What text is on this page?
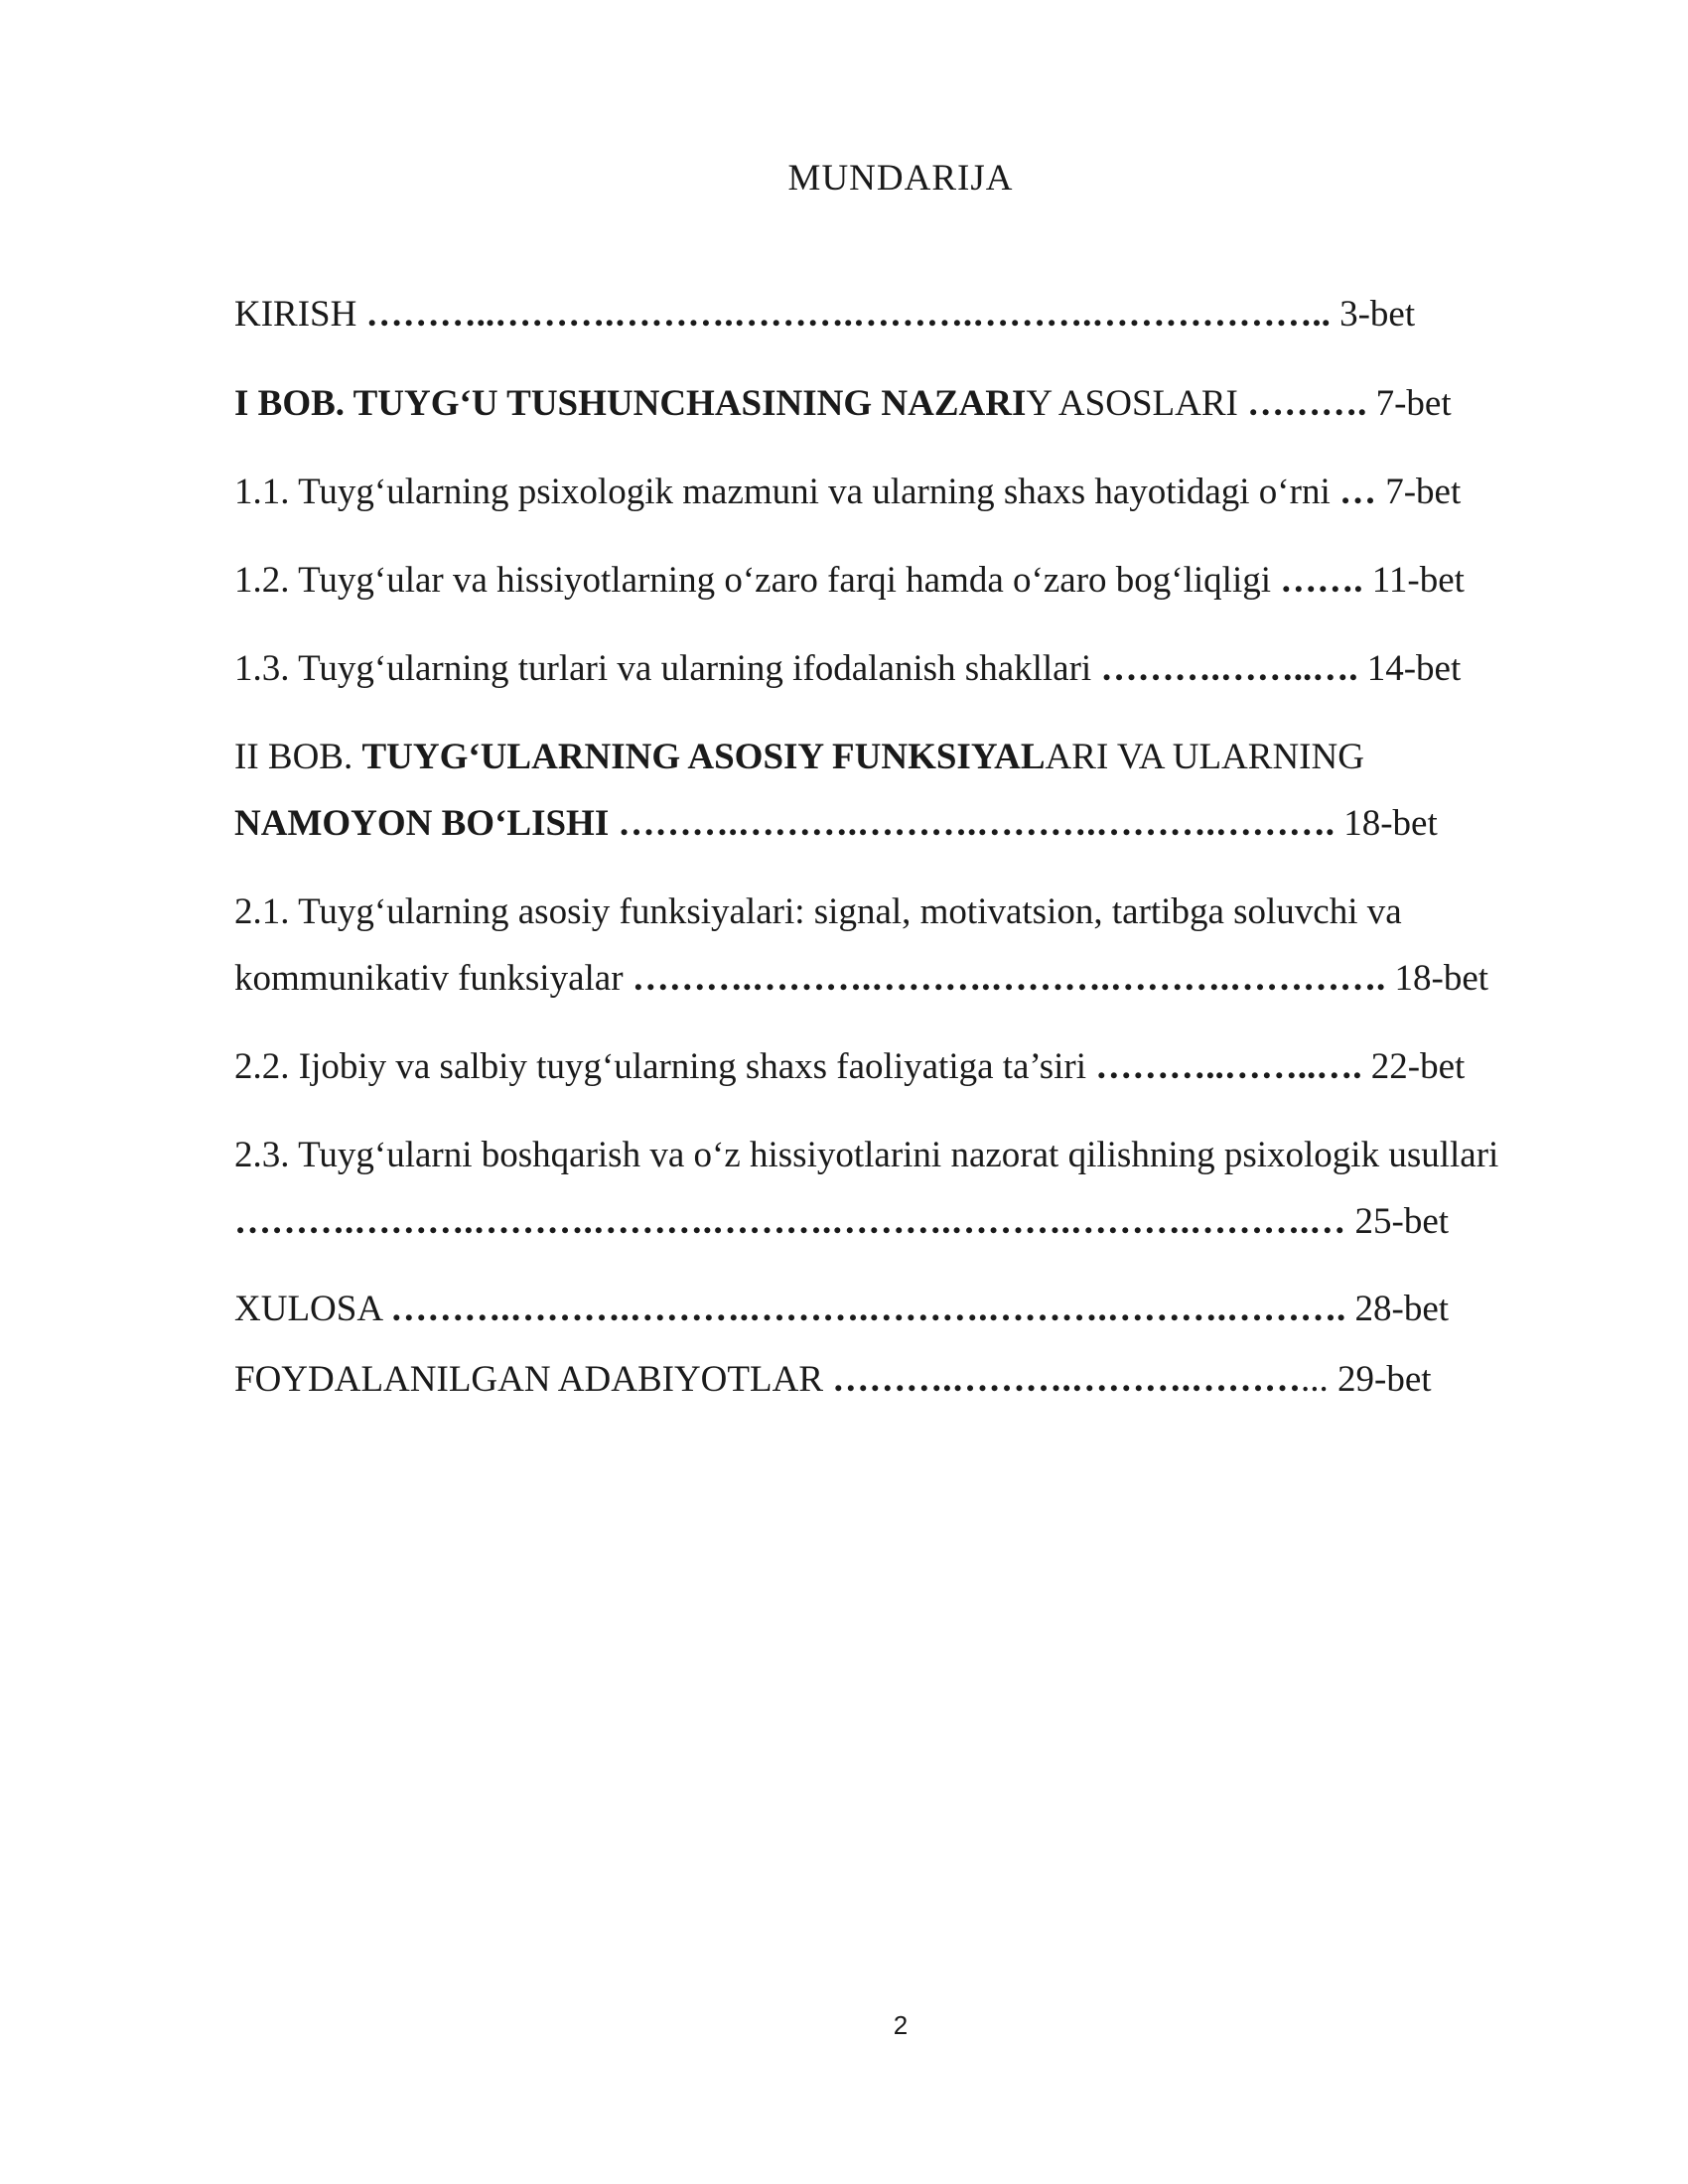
MUNDARIJA
KIRISH ………..……….……….……….……….……….……………….. 3-bet
I BOB. TUYG‘U TUSHUNCHASINING NAZARIY ASOSLARI ………. 7-bet
1.1. Tuyg‘ularning psixologik mazmuni va ularning shaxs hayotidagi o‘rni … 7-bet
1.2. Tuyg‘ular va hissiyotlarning o‘zaro farqi hamda o‘zaro bog‘liqligi ……. 11-bet
1.3. Tuyg‘ularning turlari va ularning ifodalanish shakllari ……….……..…. 14-bet
II BOB. TUYG‘ULARNING ASOSIY FUNKSIYALARI VA ULARNING
NAMOYON BO‘LISHI ……….……….……….……….……….………. 18-bet
2.1. Tuyg‘ularning asosiy funksiyalari: signal, motivatsion, tartibga soluvchi va
kommunikativ funksiyalar ……….……….……….……….……….…………. 18-bet
2.2. Ijobiy va salbiy tuyg‘ularning shaxs faoliyatiga ta’siri ………..……..…. 22-bet
2.3. Tuyg‘ularni boshqarish va o‘z hissiyotlarini nazorat qilishning psixologik usullari
……….……….……….……….……….……….……….……….……….… 25-bet
XULOSA ……….……….……….……….……….……….……….………. 28-bet
FOYDALANILGAN ADABIYOTLAR ……….……….……….………... 29-bet
2
